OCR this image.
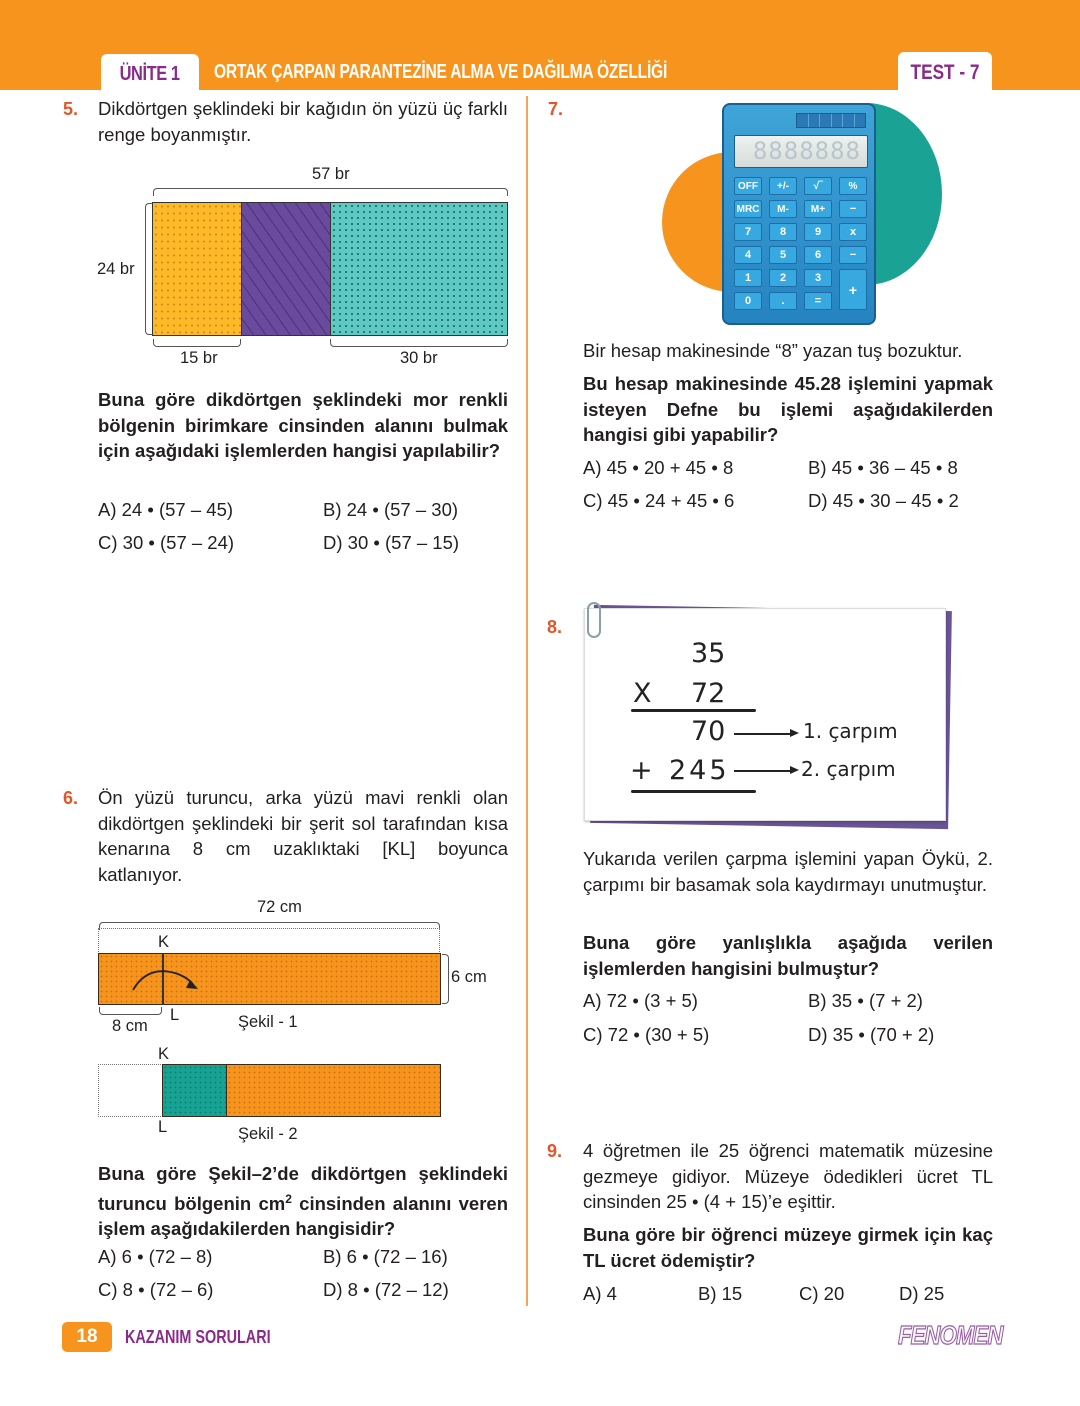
ÜNİTE 1 ORTAK ÇARPAN PARANTEZİNE ALMA VE DAĞILMA ÖZELLİĞİ	TEST - 7
5. Dikdörtgen şeklindeki bir kağıdın ön yüzü üç farklı renge boyanmıştır.
57 br
24 br
15 br	30 br
Buna göre dikdörtgen şeklindeki mor renkli bölgenin birimkare cinsinden alanını bulmak için aşağıdaki işlemlerden hangisi yapılabilir?
A) 24 • (57 – 45)	B) 24 • (57 – 30)
C) 30 • (57 – 24)	D) 30 • (57 – 15)
6. Ön yüzü turuncu, arka yüzü mavi renkli olan dikdörtgen şeklindeki bir şerit sol tarafından kısa kenarına 8 cm uzaklıktaki [KL] boyunca katlanıyor.
72 cm
K
6 cm
8 cm
L	Şekil - 1
K
L	Şekil - 2
Buna göre Şekil–2’de dikdörtgen şeklindeki turuncu bölgenin $cm^2$ cinsinden alanını veren işlem aşağıdakilerden hangisidir?
A) 6 • (72 – 8)	B) 6 • (72 – 16)
C) 8 • (72 – 6)	D) 8 • (72 – 12)
7.
8888888
OFF	+/-	√‾	%
MRC	M-	M+	−
7	8	9	x
4	5	6	−
1	2	3
+
0	.	=
Bir hesap makinesinde “8” yazan tuş bozuktur.
Bu hesap makinesinde 45.28 işlemini yapmak isteyen Defne bu işlemi aşağıdakilerden hangisi gibi yapabilir?
A) 45 • 20 + 45 • 8	B) 45 • 36 – 45 • 8
C) 45 • 24 + 45 • 6	D) 45 • 30 – 45 • 2
8.
35
X 72
70	1. çarpım
+ 245	2. çarpım
Yukarıda verilen çarpma işlemini yapan Öykü, 2. çarpımı bir basamak sola kaydırmayı unutmuştur.
Buna göre yanlışlıkla aşağıda verilen işlemlerden hangisini bulmuştur?
A) 72 • (3 + 5)	B) 35 • (7 + 2)
C) 72 • (30 + 5)	D) 35 • (70 + 2)
9. 4 öğretmen ile 25 öğrenci matematik müzesine gezmeye gidiyor. Müzeye ödedikleri ücret TL cinsinden 25 • (4 + 15)’e eşittir.
Buna göre bir öğrenci müzeye girmek için kaç TL ücret ödemiştir?
A) 4	B) 15	C) 20	D) 25
18	KAZANIM SORULARI	FENOMEN
